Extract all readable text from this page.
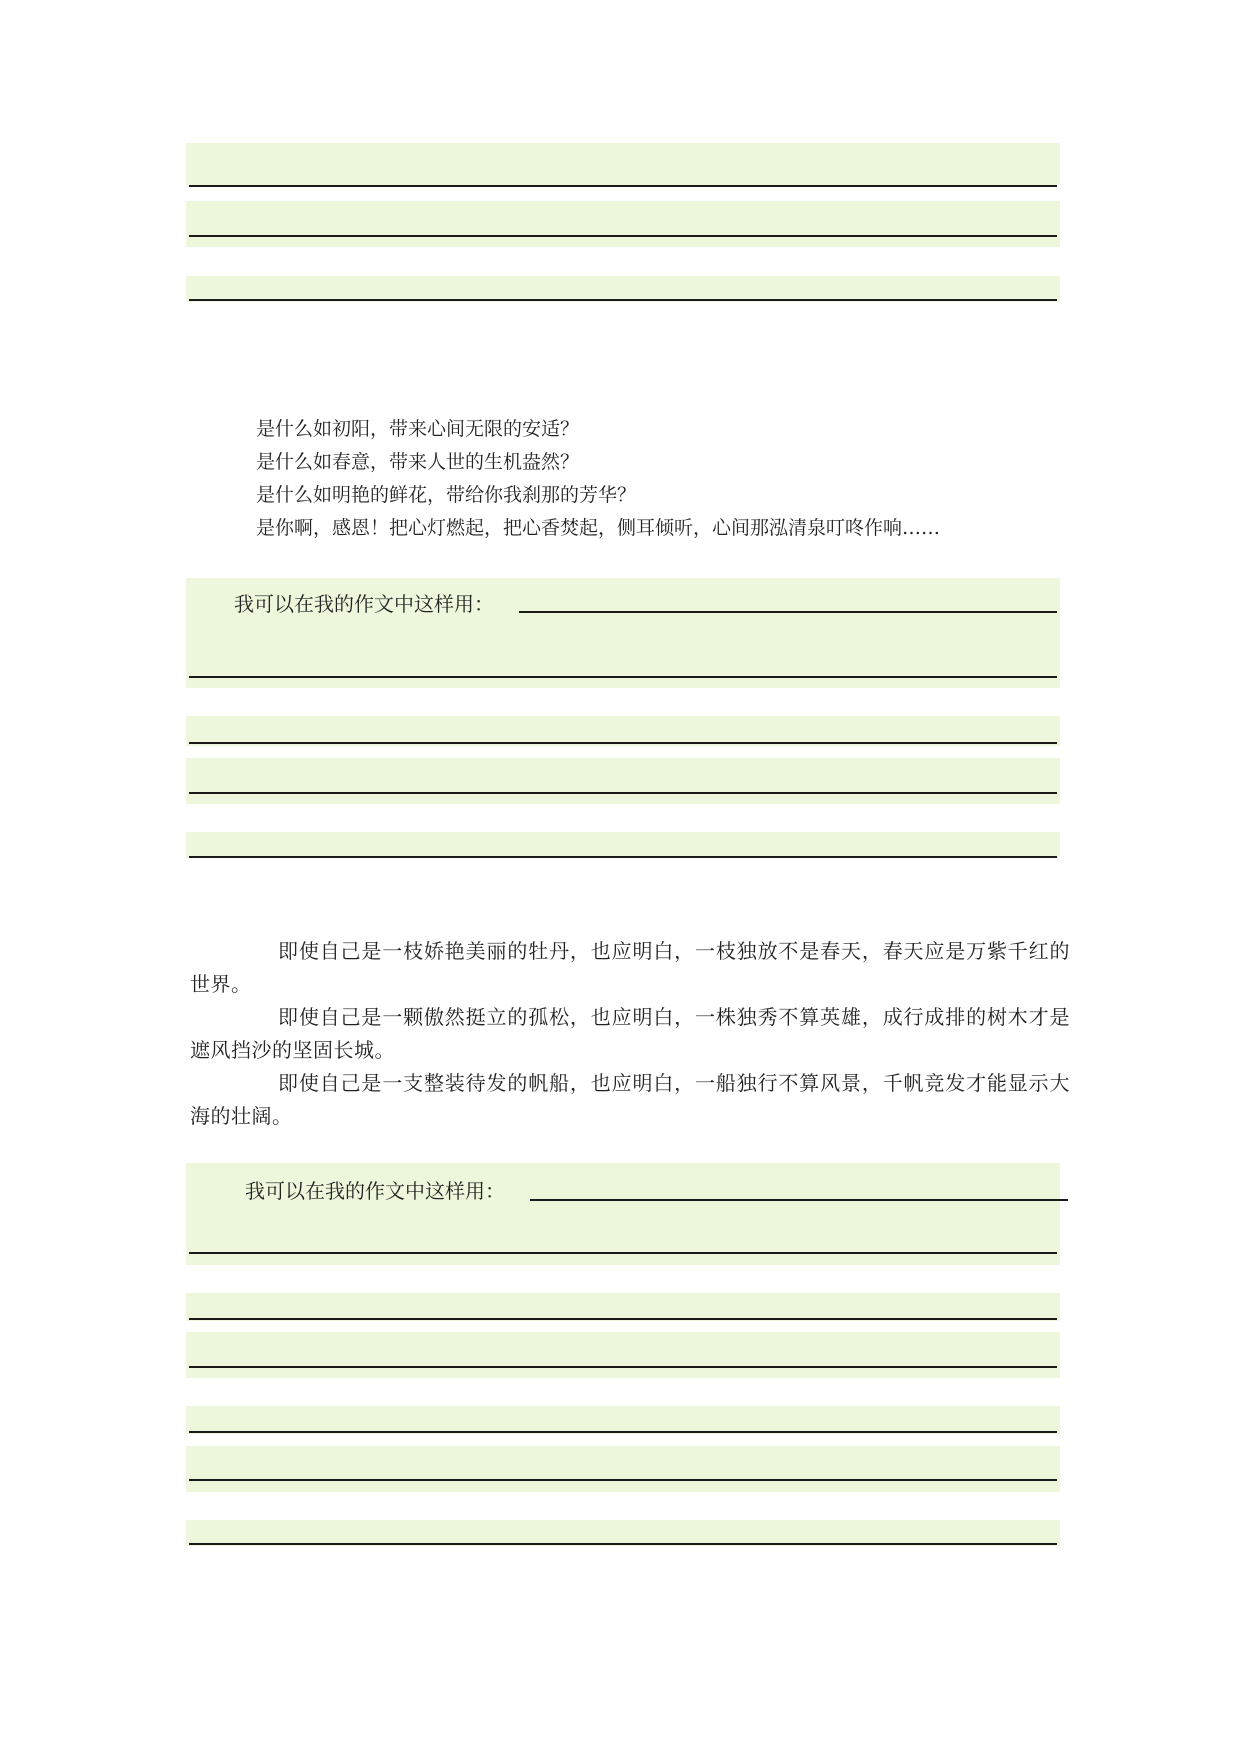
是什么如初阳，带来心间无限的安适？
是什么如春意，带来人世的生机盎然？
是什么如明艳的鲜花，带给你我刹那的芳华？
是你啊，感恩！把心灯燃起，把心香焚起，侧耳倾听，心间那泓清泉叮咚作响……
我可以在我的作文中这样用：

即使自己是一枝娇艳美丽的牡丹，也应明白，一枝独放不是春天，春天应是万紫千红的世界。

即使自己是一颗傲然挺立的孤松，也应明白，一株独秀不算英雄，成行成排的树木才是遮风挡沙的坚固长城。

即使自己是一支整装待发的帆船，也应明白，一船独行不算风景，千帆竞发才能显示大海的壮阔。

我可以在我的作文中这样用：
